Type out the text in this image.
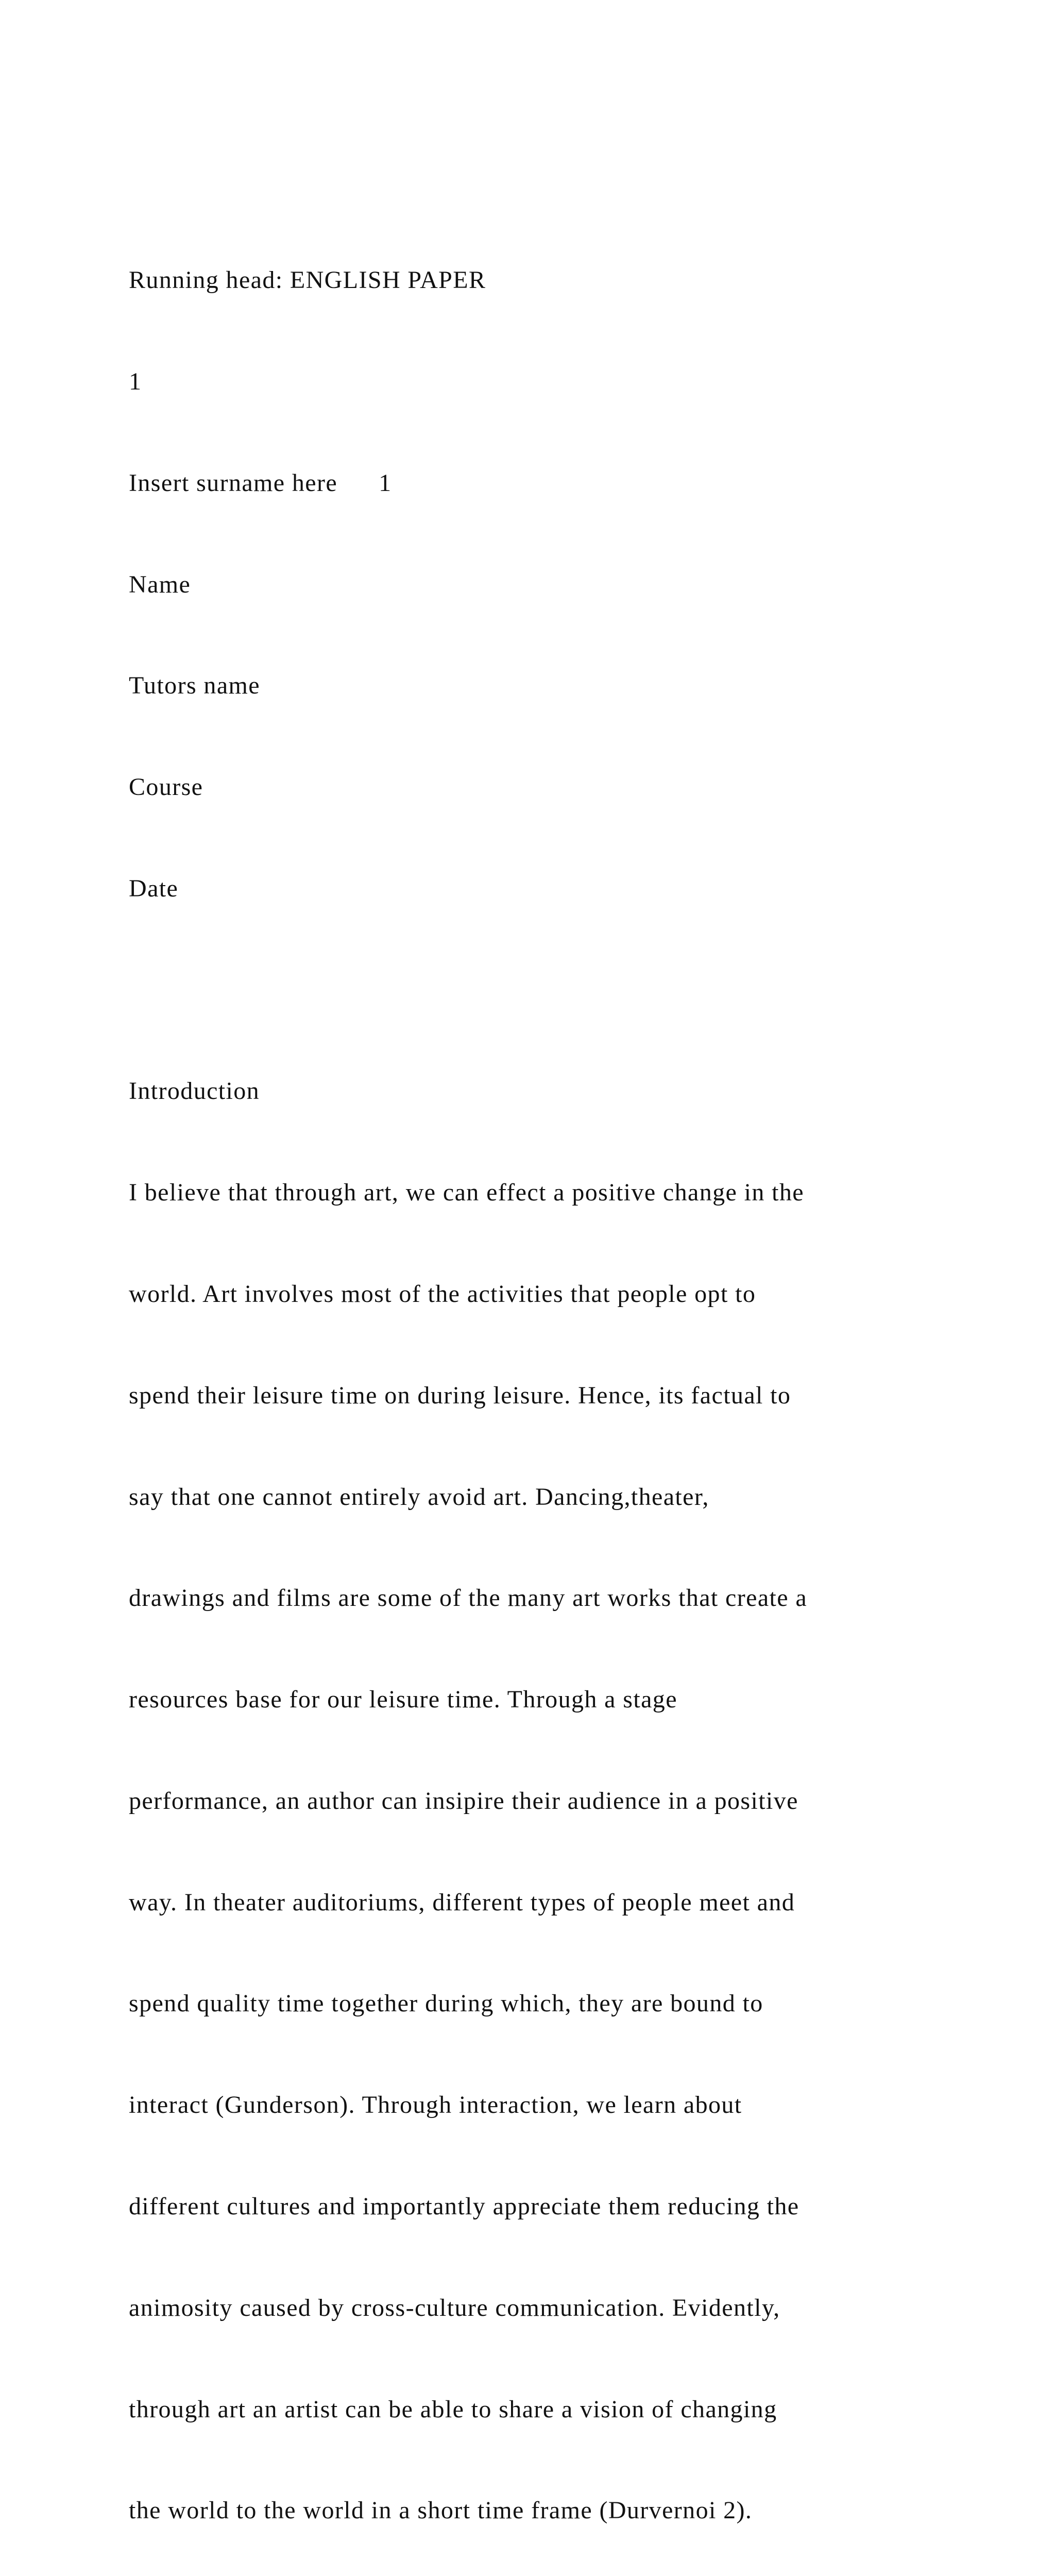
Running head: ENGLISH PAPER

1

Insert surname here 1

Name

Tutors name

Course

Date

Introduction

I believe that through art, we can effect a positive change in the

world. Art involves most of the activities that people opt to

spend their leisure time on during leisure. Hence, its factual to

say that one cannot entirely avoid art. Dancing,theater,

drawings and films are some of the many art works that create a

resources base for our leisure time. Through a stage

performance, an author can insipire their audience in a positive

way. In theater auditoriums, different types of people meet and

spend quality time together during which, they are bound to

interact (Gunderson). Through interaction, we learn about

different cultures and importantly appreciate them reducing the

animosity caused by cross-culture communication. Evidently,

through art an artist can be able to share a vision of changing

the world to the world in a short time frame (Durvernoi 2).
